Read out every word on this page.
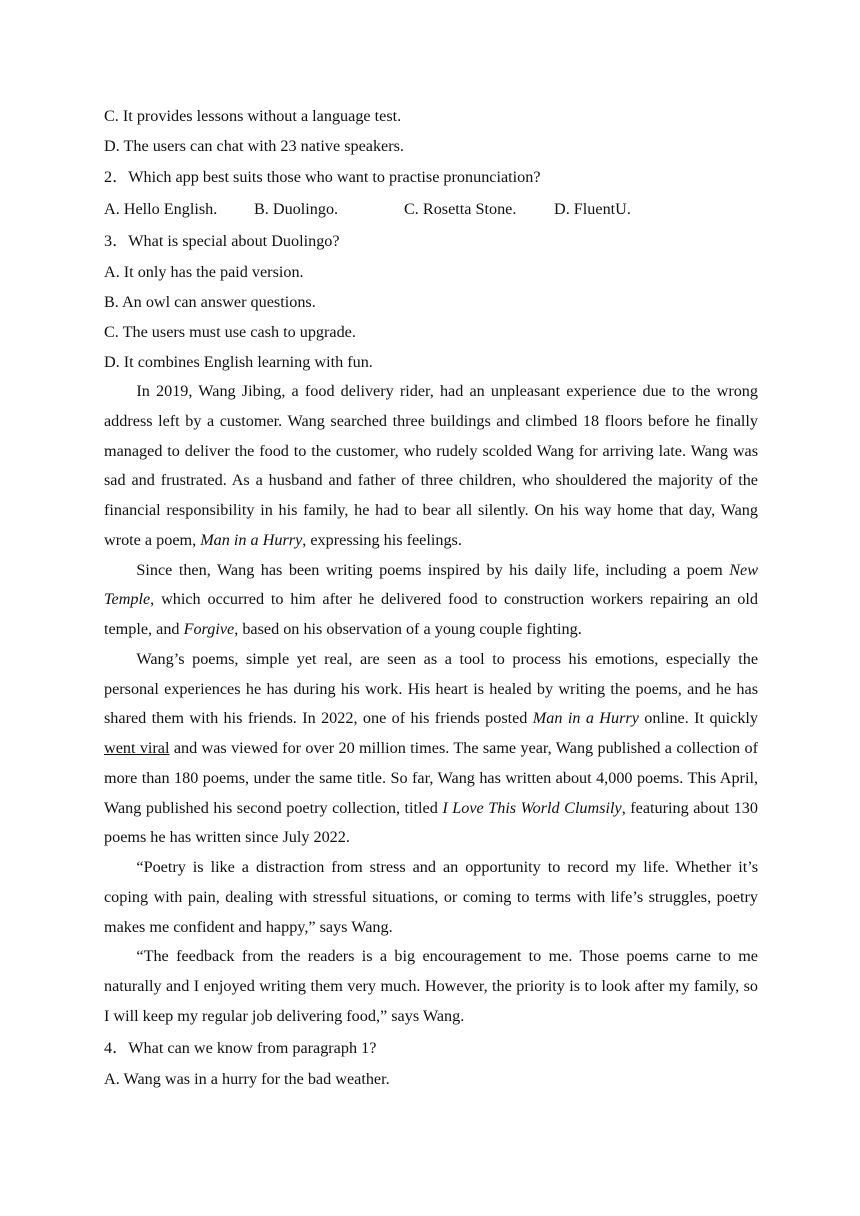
C. It provides lessons without a language test.
D. The users can chat with 23 native speakers.
2．Which app best suits those who want to practise pronunciation?
A. Hello English.	B. Duolingo.	C. Rosetta Stone.	D. FluentU.
3．What is special about Duolingo?
A. It only has the paid version.
B. An owl can answer questions.
C. The users must use cash to upgrade.
D. It combines English learning with fun.

In 2019, Wang Jibing, a food delivery rider, had an unpleasant experience due to the wrong address left by a customer. Wang searched three buildings and climbed 18 floors before he finally managed to deliver the food to the customer, who rudely scolded Wang for arriving late. Wang was sad and frustrated. As a husband and father of three children, who shouldered the majority of the financial responsibility in his family, he had to bear all silently. On his way home that day, Wang wrote a poem, Man in a Hurry, expressing his feelings.

Since then, Wang has been writing poems inspired by his daily life, including a poem New Temple, which occurred to him after he delivered food to construction workers repairing an old temple, and Forgive, based on his observation of a young couple fighting.

Wang’s poems, simple yet real, are seen as a tool to process his emotions, especially the personal experiences he has during his work. His heart is healed by writing the poems, and he has shared them with his friends. In 2022, one of his friends posted Man in a Hurry online. It quickly went viral and was viewed for over 20 million times. The same year, Wang published a collection of more than 180 poems, under the same title. So far, Wang has written about 4,000 poems. This April, Wang published his second poetry collection, titled I Love This World Clumsily, featuring about 130 poems he has written since July 2022.

“Poetry is like a distraction from stress and an opportunity to record my life. Whether it’s coping with pain, dealing with stressful situations, or coming to terms with life’s struggles, poetry makes me confident and happy,” says Wang.

“The feedback from the readers is a big encouragement to me. Those poems carne to me naturally and I enjoyed writing them very much. However, the priority is to look after my family, so I will keep my regular job delivering food,” says Wang.

4．What can we know from paragraph 1?
A. Wang was in a hurry for the bad weather.
